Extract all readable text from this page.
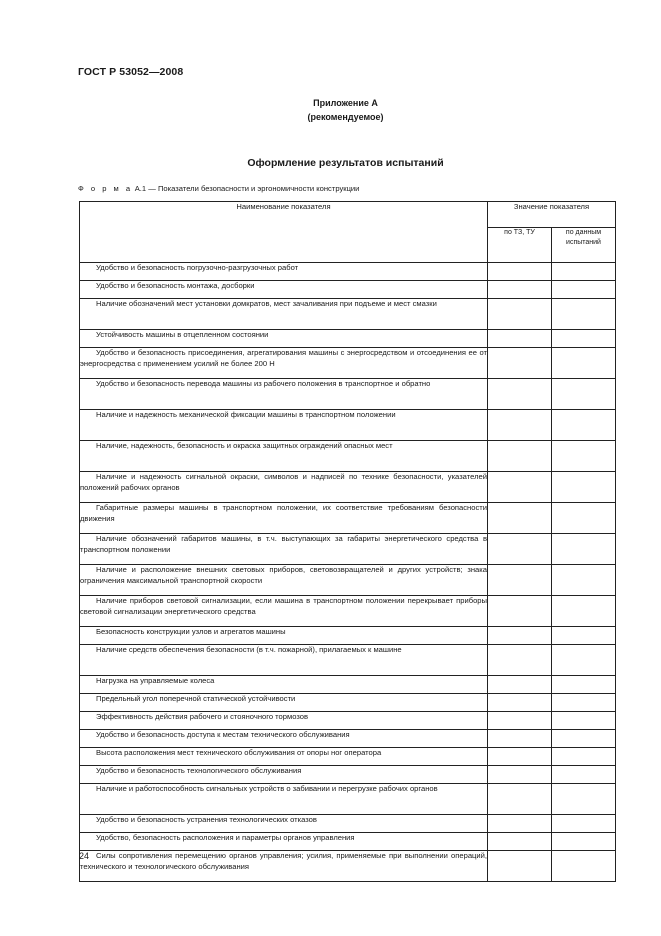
ГОСТ Р 53052—2008
Приложение А
(рекомендуемое)
Оформление результатов испытаний
Ф о р м а А.1 — Показатели безопасности и эргономичности конструкции
Наименование показателя	Значение показателя	
	по ТЗ, ТУ	по данным испытаний
Удобство и безопасность погрузочно-разгрузочных работ		
Удобство и безопасность монтажа, досборки		
Наличие обозначений мест установки домкратов, мест зачаливания при подъеме и мест смазки		
Устойчивость машины в отцепленном состоянии		
Удобство и безопасность присоединения, агрегатирования машины с энергосредством и отсоединения ее от энергосредства с применением усилий не более 200 Н		
Удобство и безопасность перевода машины из рабочего положения в транспортное и обратно		
Наличие и надежность механической фиксации машины в транспортном положении		
Наличие, надежность, безопасность и окраска защитных ограждений опасных мест		
Наличие и надежность сигнальной окраски, символов и надписей по технике безопасности, указателей положений рабочих органов		
Габаритные размеры машины в транспортном положении, их соответствие требованиям безопасности движения		
Наличие обозначений габаритов машины, в т.ч. выступающих за габариты энергетического средства в транспортном положении		
Наличие и расположение внешних световых приборов, световозвращателей и других устройств; знака ограничения максимальной транспортной скорости		
Наличие приборов световой сигнализации, если машина в транспортном положении перекрывает приборы световой сигнализации энергетического средства		
Безопасность конструкции узлов и агрегатов машины		
Наличие средств обеспечения безопасности (в т.ч. пожарной), прилагаемых к машине		
Нагрузка на управляемые колеса		
Предельный угол поперечной статической устойчивости		
Эффективность действия рабочего и стояночного тормозов		
Удобство и безопасность доступа к местам технического обслуживания		
Высота расположения мест технического обслуживания от опоры ног оператора		
Удобство и безопасность технологического обслуживания		
Наличие и работоспособность сигнальных устройств о забивании и перегрузке рабочих органов		
Удобство и безопасность устранения технологических отказов		
Удобство, безопасность расположения и параметры органов управления		
Силы сопротивления перемещению органов управления; усилия, применяемые при выполнении операций, технического и технологического обслуживания		
24
